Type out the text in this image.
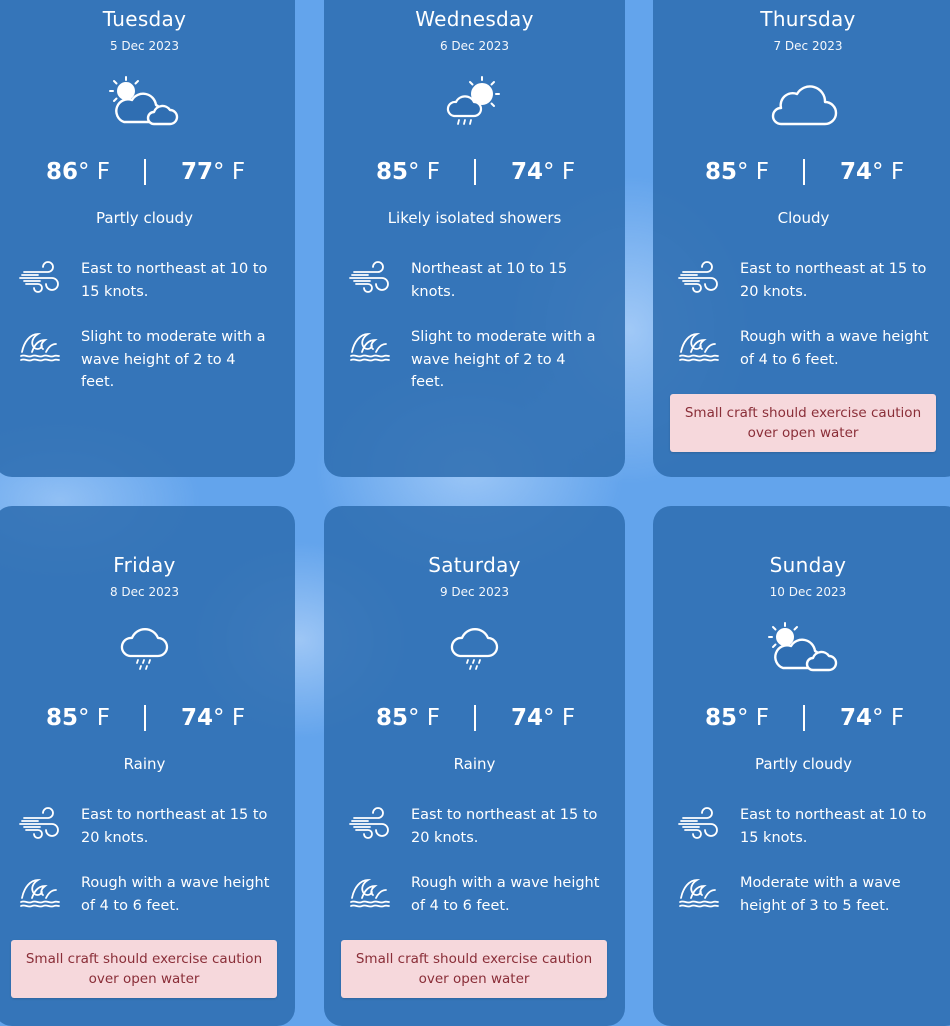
Tuesday
5 Dec 2023
86° F	77° F
Partly cloudy
East to northeast at 10 to 15 knots.
Slight to moderate with a wave height of 2 to 4 feet.
Wednesday
6 Dec 2023
85° F	74° F
Likely isolated showers
Northeast at 10 to 15 knots.
Slight to moderate with a wave height of 2 to 4 feet.
Thursday
7 Dec 2023
85° F	74° F
Cloudy
East to northeast at 15 to 20 knots.
Rough with a wave height of 4 to 6 feet.
Small craft should exercise caution over open water
Friday
8 Dec 2023
85° F	74° F
Rainy
East to northeast at 15 to 20 knots.
Rough with a wave height of 4 to 6 feet.
Small craft should exercise caution over open water
Saturday
9 Dec 2023
85° F	74° F
Rainy
East to northeast at 15 to 20 knots.
Rough with a wave height of 4 to 6 feet.
Small craft should exercise caution over open water
Sunday
10 Dec 2023
85° F	74° F
Partly cloudy
East to northeast at 10 to 15 knots.
Moderate with a wave height of 3 to 5 feet.
